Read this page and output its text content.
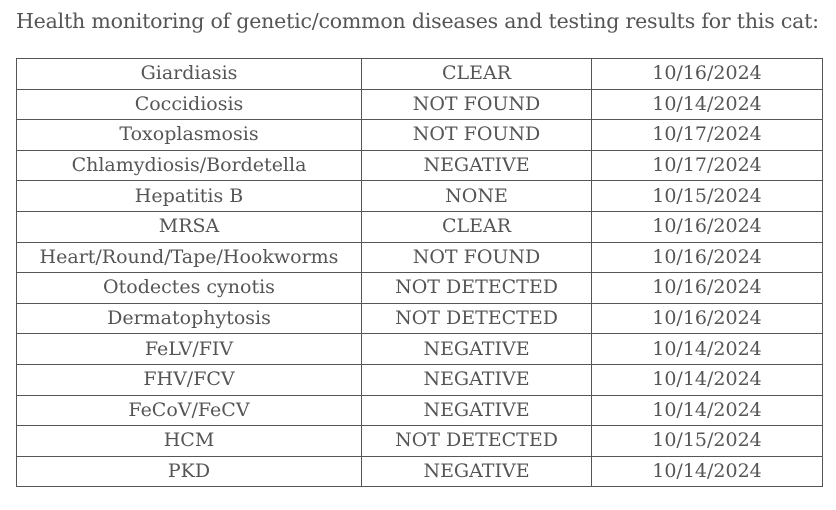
Health monitoring of genetic/common diseases and testing results for this cat:

Giardiasis	CLEAR	10/16/2024
Coccidiosis	NOT FOUND	10/14/2024
Toxoplasmosis	NOT FOUND	10/17/2024
Chlamydiosis/Bordetella	NEGATIVE	10/17/2024
Hepatitis B	NONE	10/15/2024
MRSA	CLEAR	10/16/2024
Heart/Round/Tape/Hookworms	NOT FOUND	10/16/2024
Otodectes cynotis	NOT DETECTED	10/16/2024
Dermatophytosis	NOT DETECTED	10/16/2024
FeLV/FIV	NEGATIVE	10/14/2024
FHV/FCV	NEGATIVE	10/14/2024
FeCoV/FeCV	NEGATIVE	10/14/2024
HCM	NOT DETECTED	10/15/2024
PKD	NEGATIVE	10/14/2024
